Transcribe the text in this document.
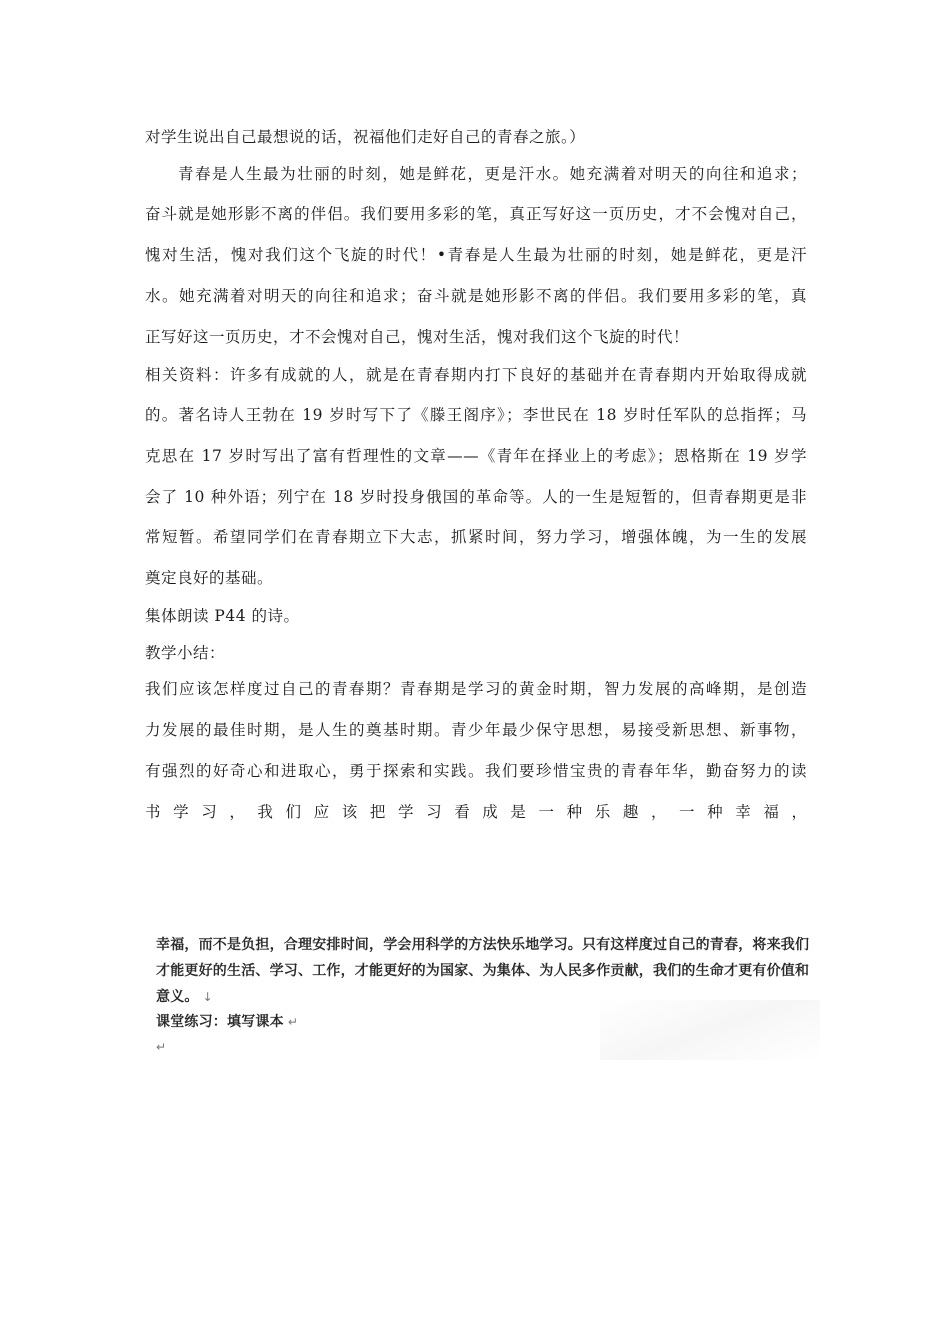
对学生说出自己最想说的话，祝福他们走好自己的青春之旅。）
青春是人生最为壮丽的时刻，她是鲜花，更是汗水。她充满着对明天的向往和追求；
奋斗就是她形影不离的伴侣。我们要用多彩的笔，真正写好这一页历史，才不会愧对自己，
愧对生活，愧对我们这个飞旋的时代！•青春是人生最为壮丽的时刻，她是鲜花，更是汗
水。她充满着对明天的向往和追求；奋斗就是她形影不离的伴侣。我们要用多彩的笔，真
正写好这一页历史，才不会愧对自己，愧对生活，愧对我们这个飞旋的时代！
相关资料：许多有成就的人，就是在青春期内打下良好的基础并在青春期内开始取得成就
的。著名诗人王勃在 19 岁时写下了《滕王阁序》；李世民在 18 岁时任军队的总指挥；马
克思在 17 岁时写出了富有哲理性的文章——《青年在择业上的考虑》；恩格斯在 19 岁学
会了 10 种外语；列宁在 18 岁时投身俄国的革命等。人的一生是短暂的，但青春期更是非
常短暂。希望同学们在青春期立下大志，抓紧时间，努力学习，增强体魄，为一生的发展
奠定良好的基础。
集体朗读 P44 的诗。
教学小结：
我们应该怎样度过自己的青春期？青春期是学习的黄金时期，智力发展的高峰期，是创造
力发展的最佳时期，是人生的奠基时期。青少年最少保守思想，易接受新思想、新事物，
有强烈的好奇心和进取心，勇于探索和实践。我们要珍惜宝贵的青春年华，勤奋努力的读
书学习，我们应该把学习看成是一种乐趣，一种幸福，
幸福，而不是负担，合理安排时间，学会用科学的方法快乐地学习。只有这样度过自己的青春，将来我们
才能更好的生活、学习、工作，才能更好的为国家、为集体、为人民多作贡献，我们的生命才更有价值和
意义。 ↓
课堂练习：填写课本 ↵
↵
